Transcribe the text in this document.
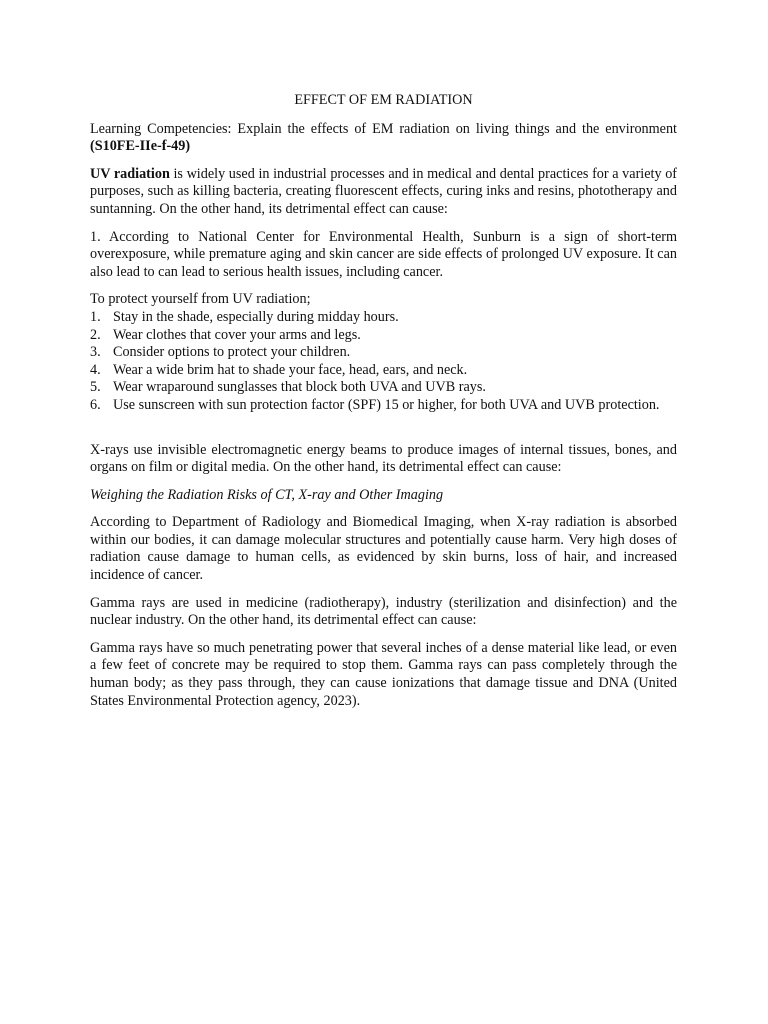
EFFECT OF EM RADIATION

Learning Competencies: Explain the effects of EM radiation on living things and the environment (S10FE-IIe-f-49)

UV radiation is widely used in industrial processes and in medical and dental practices for a variety of purposes, such as killing bacteria, creating fluorescent effects, curing inks and resins, phototherapy and suntanning. On the other hand, its detrimental effect can cause:

1. According to National Center for Environmental Health, Sunburn is a sign of short-term overexposure, while premature aging and skin cancer are side effects of prolonged UV exposure. It can also lead to can lead to serious health issues, including cancer.

To protect yourself from UV radiation;
1. Stay in the shade, especially during midday hours.
2. Wear clothes that cover your arms and legs.
3. Consider options to protect your children.
4. Wear a wide brim hat to shade your face, head, ears, and neck.
5. Wear wraparound sunglasses that block both UVA and UVB rays.
6. Use sunscreen with sun protection factor (SPF) 15 or higher, for both UVA and UVB protection.

X-rays use invisible electromagnetic energy beams to produce images of internal tissues, bones, and organs on film or digital media. On the other hand, its detrimental effect can cause:

Weighing the Radiation Risks of CT, X-ray and Other Imaging

According to Department of Radiology and Biomedical Imaging, when X-ray radiation is absorbed within our bodies, it can damage molecular structures and potentially cause harm. Very high doses of radiation cause damage to human cells, as evidenced by skin burns, loss of hair, and increased incidence of cancer.

Gamma rays are used in medicine (radiotherapy), industry (sterilization and disinfection) and the nuclear industry. On the other hand, its detrimental effect can cause:

Gamma rays have so much penetrating power that several inches of a dense material like lead, or even a few feet of concrete may be required to stop them. Gamma rays can pass completely through the human body; as they pass through, they can cause ionizations that damage tissue and DNA (United States Environmental Protection agency, 2023).
